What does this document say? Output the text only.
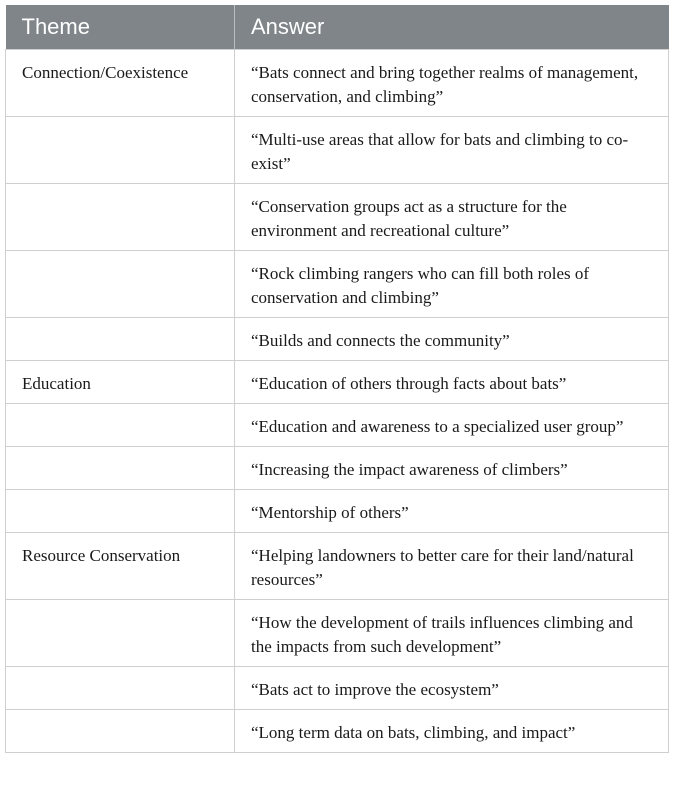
Theme	Answer
Connection/Coexistence	“Bats connect and bring together realms of management, conservation, and climbing”
	“Multi-use areas that allow for bats and climbing to co-exist”
	“Conservation groups act as a structure for the environment and recreational culture”
	“Rock climbing rangers who can fill both roles of conservation and climbing”
	“Builds and connects the community”
Education	“Education of others through facts about bats”
	“Education and awareness to a specialized user group”
	“Increasing the impact awareness of climbers”
	“Mentorship of others”
Resource Conservation	“Helping landowners to better care for their land/natural resources”
	“How the development of trails influences climbing and the impacts from such development”
	“Bats act to improve the ecosystem”
	“Long term data on bats, climbing, and impact”
